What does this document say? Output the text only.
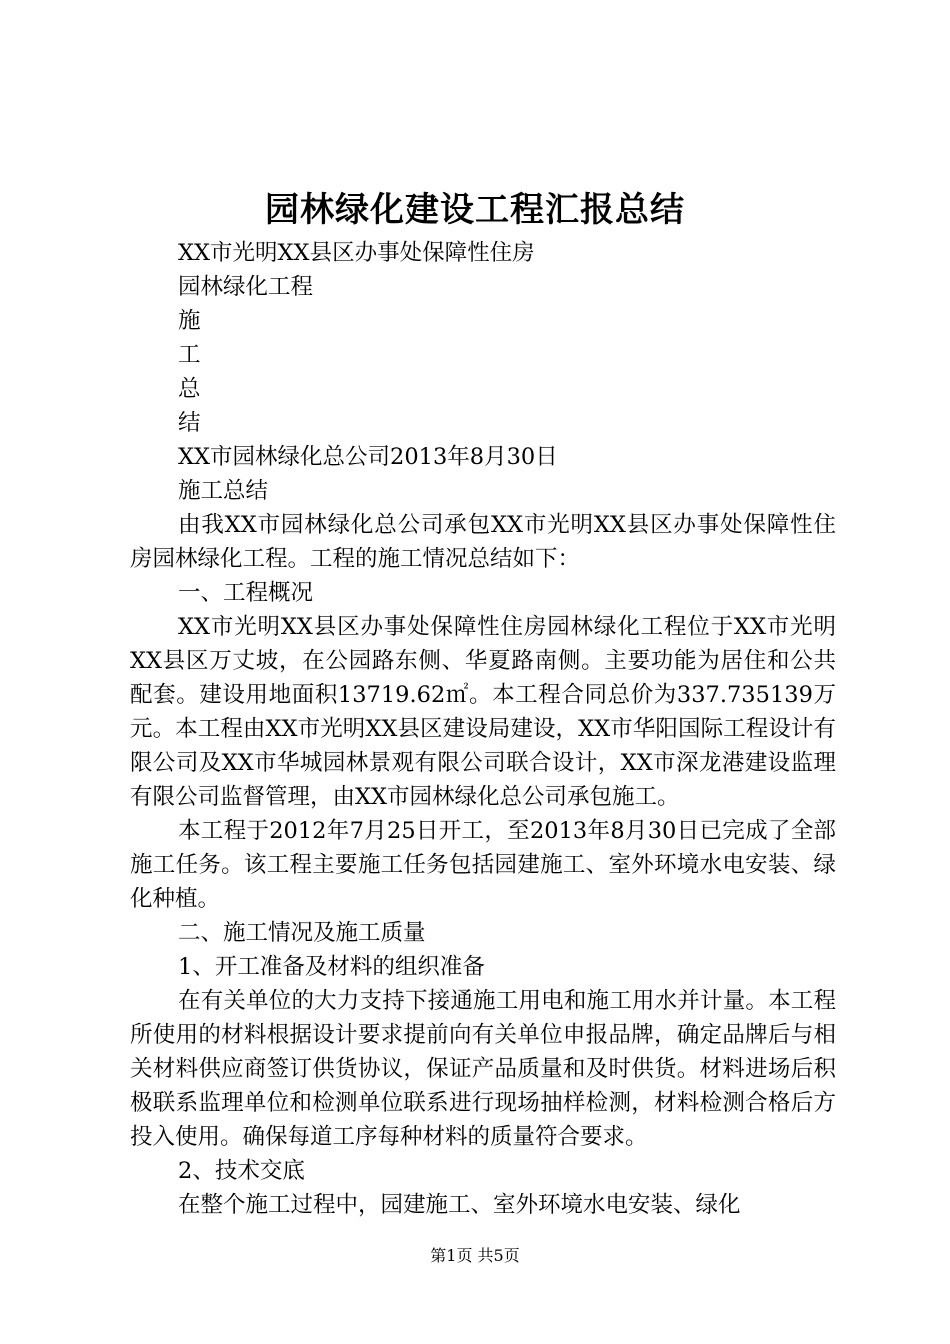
园林绿化建设工程汇报总结
XX市光明XX县区办事处保障性住房
园林绿化工程
施
工
总
结
XX市园林绿化总公司2013年8月30日
施工总结
由我XX市园林绿化总公司承包XX市光明XX县区办事处保障性住房园林绿化工程。工程的施工情况总结如下：
一、工程概况
XX市光明XX县区办事处保障性住房园林绿化工程位于XX市光明XX县区万丈坡，在公园路东侧、华夏路南侧。主要功能为居住和公共配套。建设用地面积13719.62㎡。本工程合同总价为337.735139万元。本工程由XX市光明XX县区建设局建设，XX市华阳国际工程设计有限公司及XX市华城园林景观有限公司联合设计，XX市深龙港建设监理有限公司监督管理，由XX市园林绿化总公司承包施工。
本工程于2012年7月25日开工，至2013年8月30日已完成了全部施工任务。该工程主要施工任务包括园建施工、室外环境水电安装、绿化种植。
二、施工情况及施工质量
1、开工准备及材料的组织准备
在有关单位的大力支持下接通施工用电和施工用水并计量。本工程所使用的材料根据设计要求提前向有关单位申报品牌，确定品牌后与相关材料供应商签订供货协议，保证产品质量和及时供货。材料进场后积极联系监理单位和检测单位联系进行现场抽样检测，材料检测合格后方投入使用。确保每道工序每种材料的质量符合要求。
2、技术交底
在整个施工过程中，园建施工、室外环境水电安装、绿化
第1页 共5页
